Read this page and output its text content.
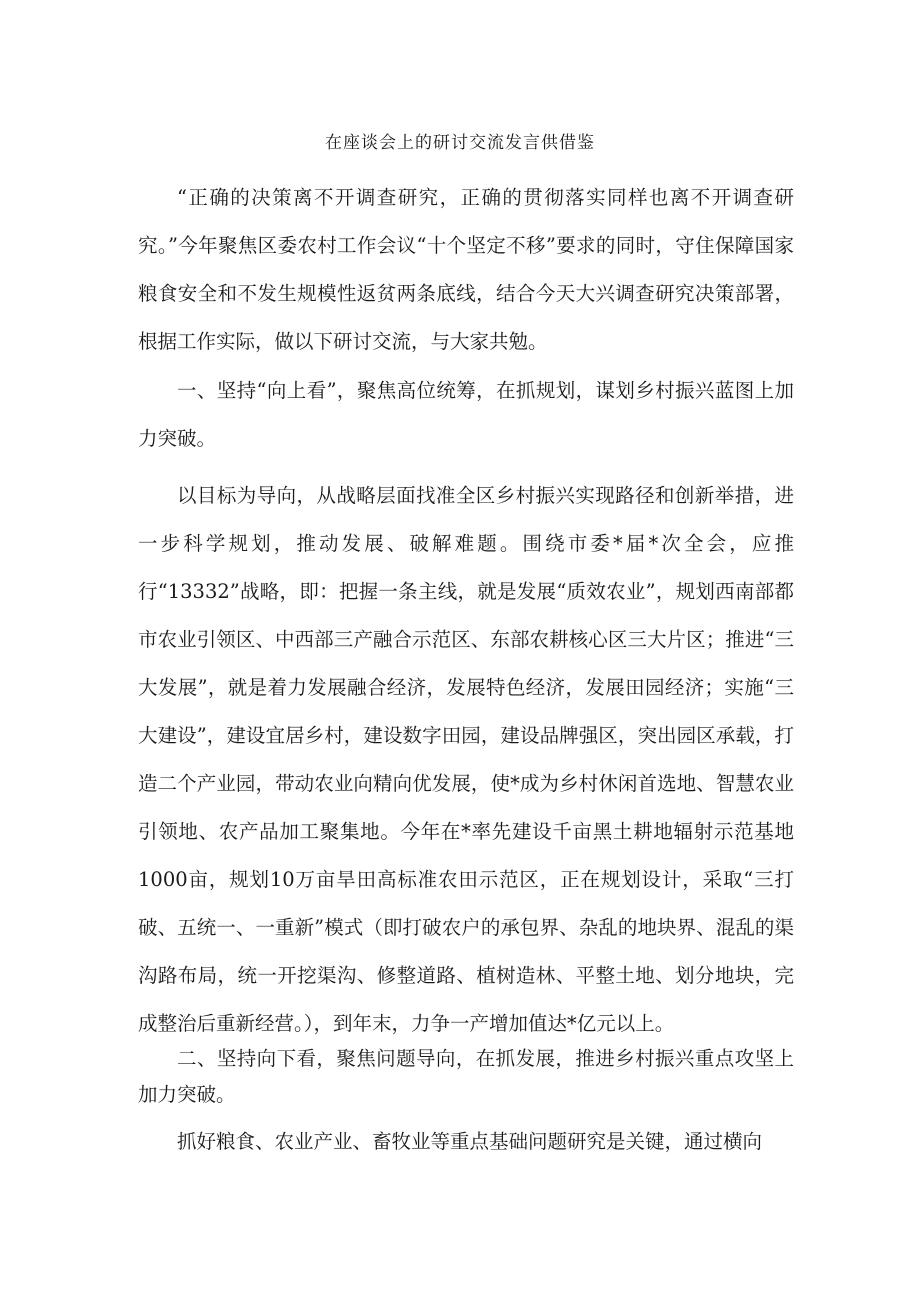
在座谈会上的研讨交流发言供借鉴

“正确的决策离不开调查研究，正确的贯彻落实同样也离不开调查研究。”今年聚焦区委农村工作会议“十个坚定不移”要求的同时，守住保障国家粮食安全和不发生规模性返贫两条底线，结合今天大兴调查研究决策部署，根据工作实际，做以下研讨交流，与大家共勉。

一、坚持“向上看”，聚焦高位统筹，在抓规划，谋划乡村振兴蓝图上加力突破。

以目标为导向，从战略层面找准全区乡村振兴实现路径和创新举措，进一步科学规划，推动发展、破解难题。围绕市委*届*次全会，应推行“13332”战略，即：把握一条主线，就是发展“质效农业”，规划西南部都市农业引领区、中西部三产融合示范区、东部农耕核心区三大片区；推进“三大发展”，就是着力发展融合经济，发展特色经济，发展田园经济；实施“三大建设”，建设宜居乡村，建设数字田园，建设品牌强区，突出园区承载，打造二个产业园，带动农业向精向优发展，使*成为乡村休闲首选地、智慧农业引领地、农产品加工聚集地。今年在*率先建设千亩黑土耕地辐射示范基地1000亩，规划10万亩旱田高标准农田示范区，正在规划设计，采取“三打破、五统一、一重新”模式（即打破农户的承包界、杂乱的地块界、混乱的渠沟路布局，统一开挖渠沟、修整道路、植树造林、平整土地、划分地块，完成整治后重新经营。），到年末，力争一产增加值达*亿元以上。

二、坚持向下看，聚焦问题导向，在抓发展，推进乡村振兴重点攻坚上加力突破。

抓好粮食、农业产业、畜牧业等重点基础问题研究是关键，通过横向
